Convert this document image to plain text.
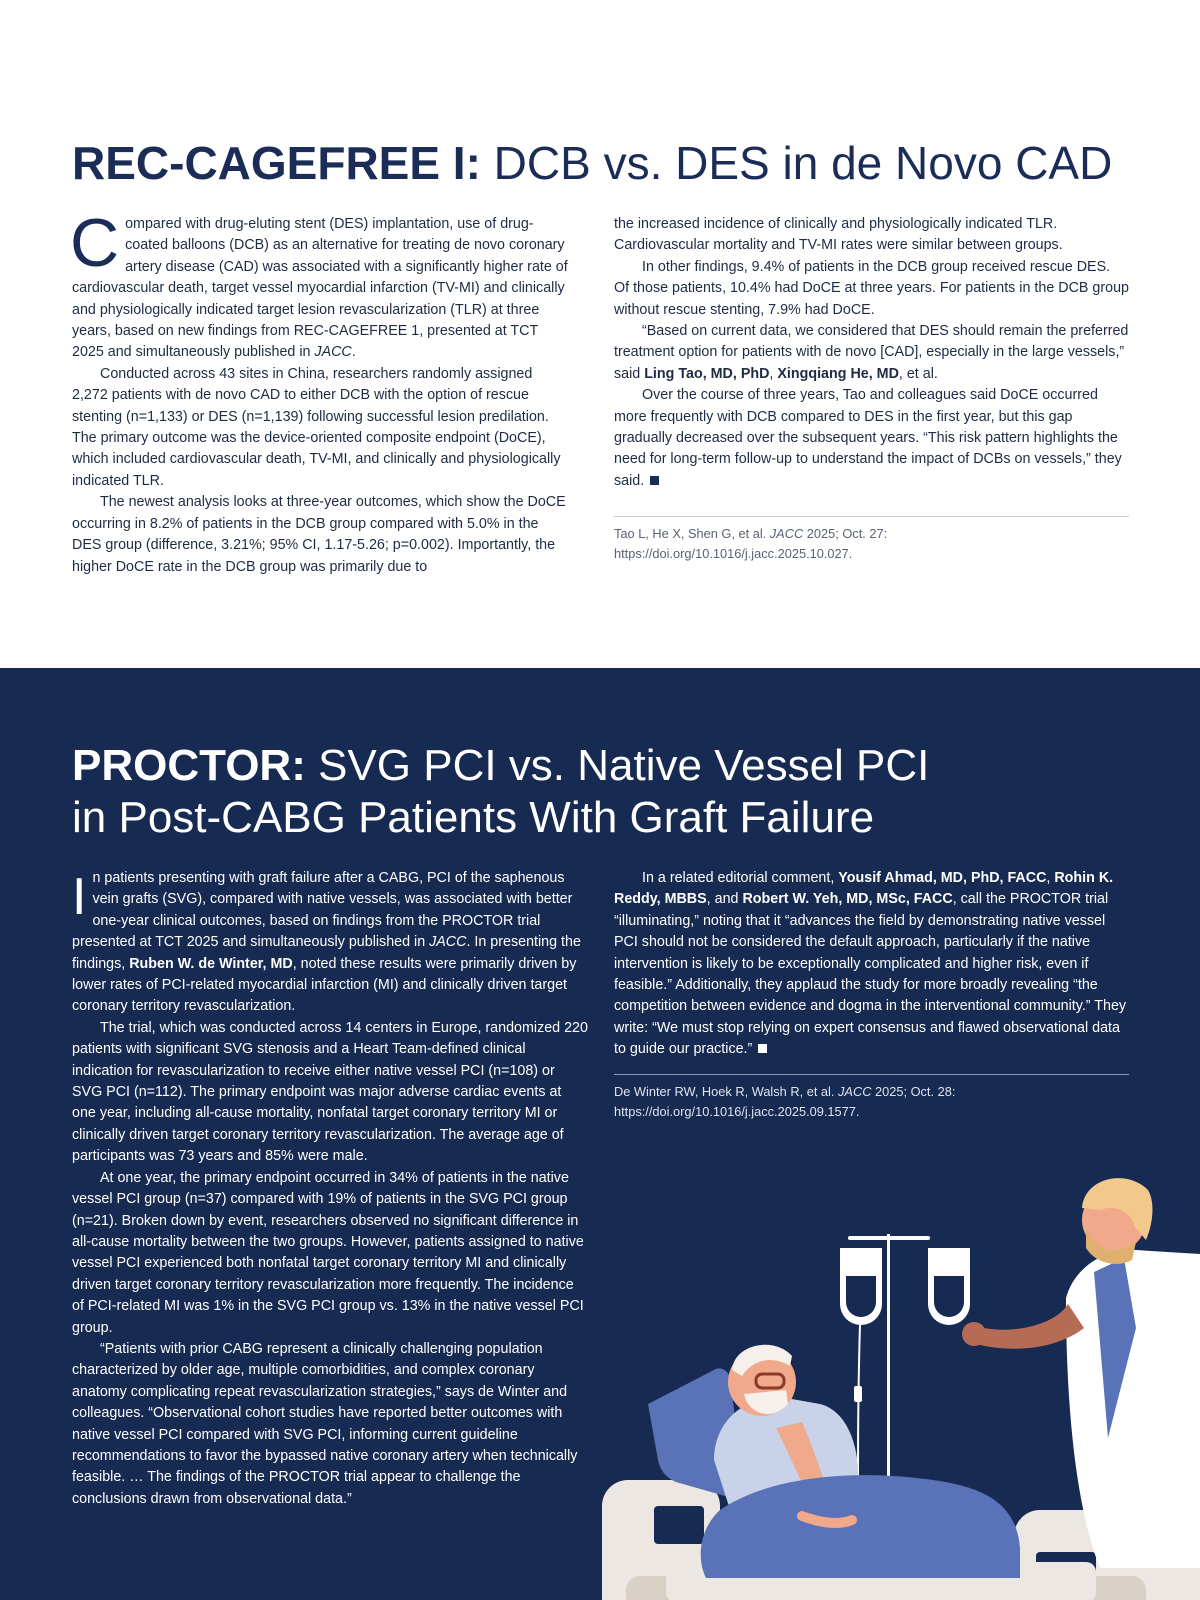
REC-CAGEFREE I: DCB vs. DES in de Novo CAD

Compared with drug-eluting stent (DES) implantation, use of drug-coated balloons (DCB) as an alternative for treating de novo coronary artery disease (CAD) was associated with a significantly higher rate of cardiovascular death, target vessel myocardial infarction (TV-MI) and clinically and physiologically indicated target lesion revascularization (TLR) at three years, based on new findings from REC-CAGEFREE 1, presented at TCT 2025 and simultaneously published in JACC.

Conducted across 43 sites in China, researchers randomly assigned 2,272 patients with de novo CAD to either DCB with the option of rescue stenting (n=1,133) or DES (n=1,139) following successful lesion predilation. The primary outcome was the device-oriented composite endpoint (DoCE), which included cardiovascular death, TV-MI, and clinically and physiologically indicated TLR.

The newest analysis looks at three-year outcomes, which show the DoCE occurring in 8.2% of patients in the DCB group compared with 5.0% in the DES group (difference, 3.21%; 95% CI, 1.17-5.26; p=0.002). Importantly, the higher DoCE rate in the DCB group was primarily due to

the increased incidence of clinically and physiologically indicated TLR. Cardiovascular mortality and TV-MI rates were similar between groups.

In other findings, 9.4% of patients in the DCB group received rescue DES. Of those patients, 10.4% had DoCE at three years. For patients in the DCB group without rescue stenting, 7.9% had DoCE.

“Based on current data, we considered that DES should remain the preferred treatment option for patients with de novo [CAD], especially in the large vessels,” said Ling Tao, MD, PhD, Xingqiang He, MD, et al.

Over the course of three years, Tao and colleagues said DoCE occurred more frequently with DCB compared to DES in the first year, but this gap gradually decreased over the subsequent years. “This risk pattern highlights the need for long-term follow-up to understand the impact of DCBs on vessels,” they said.

Tao L, He X, Shen G, et al. JACC 2025; Oct. 27: https://doi.org/10.1016/j.jacc.2025.10.027.
PROCTOR: SVG PCI vs. Native Vessel PCI
in Post-CABG Patients With Graft Failure

In patients presenting with graft failure after a CABG, PCI of the saphenous vein grafts (SVG), compared with native vessels, was associated with better one-year clinical outcomes, based on findings from the PROCTOR trial presented at TCT 2025 and simultaneously published in JACC. In presenting the findings, Ruben W. de Winter, MD, noted these results were primarily driven by lower rates of PCI-related myocardial infarction (MI) and clinically driven target coronary territory revascularization.

The trial, which was conducted across 14 centers in Europe, randomized 220 patients with significant SVG stenosis and a Heart Team-defined clinical indication for revascularization to receive either native vessel PCI (n=108) or SVG PCI (n=112). The primary endpoint was major adverse cardiac events at one year, including all-cause mortality, nonfatal target coronary territory MI or clinically driven target coronary territory revascularization. The average age of participants was 73 years and 85% were male.

At one year, the primary endpoint occurred in 34% of patients in the native vessel PCI group (n=37) compared with 19% of patients in the SVG PCI group (n=21). Broken down by event, researchers observed no significant difference in all-cause mortality between the two groups. However, patients assigned to native vessel PCI experienced both nonfatal target coronary territory MI and clinically driven target coronary territory revascularization more frequently. The incidence of PCI-related MI was 1% in the SVG PCI group vs. 13% in the native vessel PCI group.

“Patients with prior CABG represent a clinically challenging population characterized by older age, multiple comorbidities, and complex coronary anatomy complicating repeat revascularization strategies,” says de Winter and colleagues. “Observational cohort studies have reported better outcomes with native vessel PCI compared with SVG PCI, informing current guideline recommendations to favor the bypassed native coronary artery when technically feasible. … The findings of the PROCTOR trial appear to challenge the conclusions drawn from observational data.”

In a related editorial comment, Yousif Ahmad, MD, PhD, FACC, Rohin K. Reddy, MBBS, and Robert W. Yeh, MD, MSc, FACC, call the PROCTOR trial “illuminating,” noting that it “advances the field by demonstrating native vessel PCI should not be considered the default approach, particularly if the native intervention is likely to be exceptionally complicated and higher risk, even if feasible.” Additionally, they applaud the study for more broadly revealing “the competition between evidence and dogma in the interventional community.” They write: “We must stop relying on expert consensus and flawed observational data to guide our practice.”

De Winter RW, Hoek R, Walsh R, et al. JACC 2025; Oct. 28: https://doi.org/10.1016/j.jacc.2025.09.1577.
